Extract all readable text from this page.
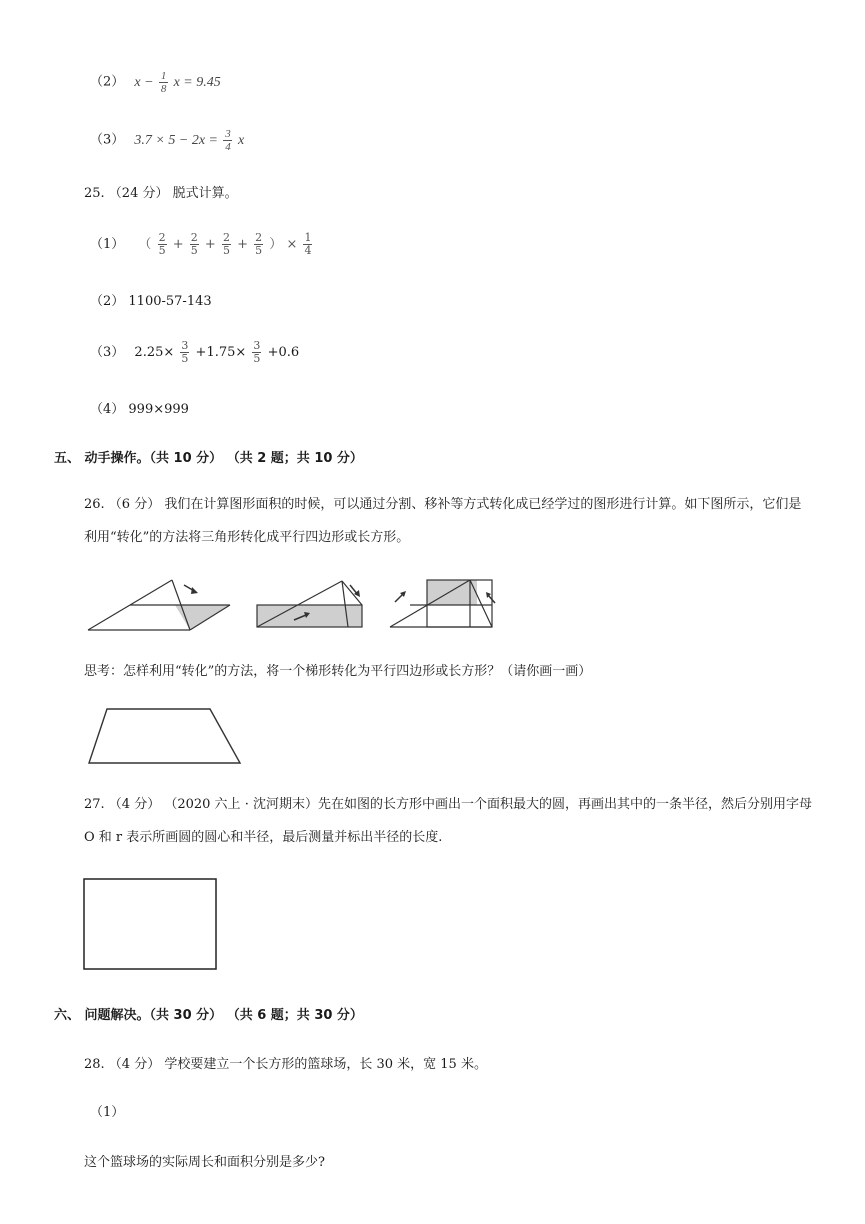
（2） $x - \frac{1}{8}$ x = 9.45
（3） $3.7 \times 5 - 2x = \frac{3}{4}$ x
25. （24 分） 脱式计算。
（1） （ $\frac{2}{5} + \frac{2}{5} + \frac{2}{5} + \frac{2}{5}$ ） × $\frac{1}{4}$
（2） 1100-57-143
（3） $2.25\times \frac{3}{5} +1.75\times \frac{3}{5} +0.6$
（4） 999×999
五、 动手操作。（共 10 分） （共 2 题；共 10 分）
26. （6 分） 我们在计算图形面积的时候，可以通过分割、移补等方式转化成已经学过的图形进行计算。如下图所示，它们是利用“转化”的方法将三角形转化成平行四边形或长方形。
思考：怎样利用“转化”的方法，将一个梯形转化为平行四边形或长方形？（请你画一画）
27. （4 分） （2020 六上 · 沈河期末）先在如图的长方形中画出一个面积最大的圆，再画出其中的一条半径，然后分别用字母 O 和 r 表示所画圆的圆心和半径，最后测量并标出半径的长度.
六、 问题解决。（共 30 分） （共 6 题；共 30 分）
28. （4 分） 学校要建立一个长方形的篮球场，长 30 米，宽 15 米。
（1）
这个篮球场的实际周长和面积分别是多少?
